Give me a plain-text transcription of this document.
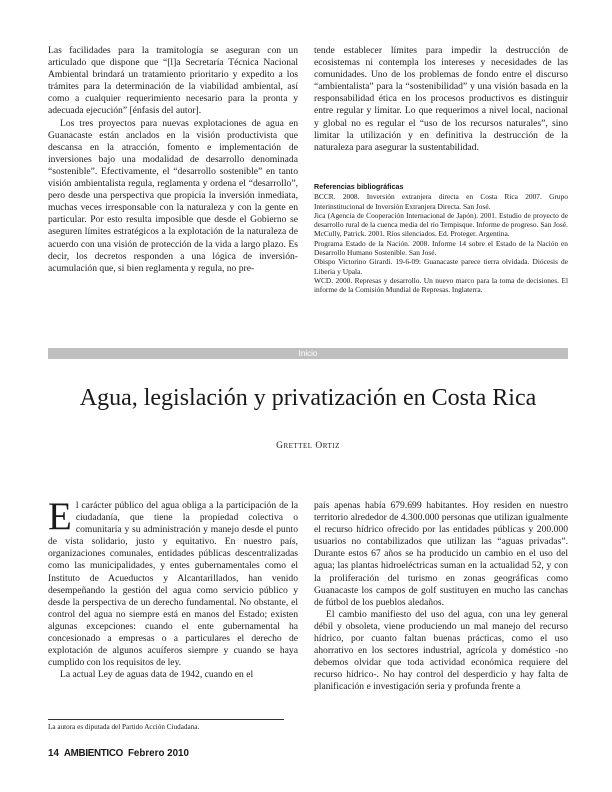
Las facilidades para la tramitología se aseguran con un articulado que dispone que “[l]a Secretaría Técnica Nacional Ambiental brindará un tratamiento prioritario y expedito a los trámites para la determinación de la viabilidad ambiental, así como a cualquier requerimiento necesario para la pronta y adecuada ejecución” [énfasis del autor].

Los tres proyectos para nuevas explotaciones de agua en Guanacaste están anclados en la visión productivista que descansa en la atracción, fomento e implementación de inversiones bajo una modalidad de desarrollo denominada “sostenible”. Efectivamente, el “desarrollo sostenible” en tanto visión ambientalista regula, reglamenta y ordena el “desarrollo”, pero desde una perspectiva que propicia la inversión inmediata, muchas veces irresponsable con la naturaleza y con la gente en particular. Por esto resulta imposible que desde el Gobierno se aseguren límites estratégicos a la explotación de la naturaleza de acuerdo con una visión de protección de la vida a largo plazo. Es decir, los decretos responden a una lógica de inversión-acumulación que, si bien reglamenta y regula, no pre-

tende establecer límites para impedir la destrucción de ecosistemas ni contempla los intereses y necesidades de las comunidades. Uno de los problemas de fondo entre el discurso “ambientalista” para la “sostenibilidad” y una visión basada en la responsabilidad ética en los procesos productivos es distinguir entre regular y limitar. Lo que requerimos a nivel local, nacional y global no es regular el “uso de los recursos naturales”, sino limitar la utilización y en definitiva la destrucción de la naturaleza para asegurar la sustentabilidad.

Referencias bibliográficas

BCCR. 2008. Inversión extranjera directa en Costa Rica 2007. Grupo Interinstitucional de Inversión Extranjera Directa. San José.

Jica (Agencia de Cooperación Internacional de Japón). 2001. Estudio de proyecto de desarrollo rural de la cuenca media del río Tempisque. Informe de progreso. San José.

McCully, Patrick. 2001. Ríos silenciados. Ed. Proteger. Argentina.

Programa Estado de la Nación. 2008. Informe 14 sobre el Estado de la Nación en Desarrollo Humano Sostenible. San José.

Obispo Victorino Girardi. 19-6-09: Guanacaste parece tierra olvidada. Diócesis de Liberia y Upala.

WCD. 2000. Represas y desarrollo. Un nuevo marco para la toma de decisiones. El informe de la Comisión Mundial de Represas. Inglaterra.

Inicio
Agua, legislación y privatización en Costa Rica
Grettel Ortiz

El carácter público del agua obliga a la participación de la ciudadanía, que tiene la propiedad colectiva o comunitaria y su administración y manejo desde el punto de vista solidario, justo y equitativo. En nuestro país, organizaciones comunales, entidades públicas descentralizadas como las municipalidades, y entes gubernamentales como el Instituto de Acueductos y Alcantarillados, han venido desempeñando la gestión del agua como servicio público y desde la perspectiva de un derecho fundamental. No obstante, el control del agua no siempre está en manos del Estado; existen algunas excepciones: cuando el ente gubernamental ha concesionado a empresas o a particulares el derecho de explotación de algunos acuíferos siempre y cuando se haya cumplido con los requisitos de ley.

La actual Ley de aguas data de 1942, cuando en el

país apenas había 679.699 habitantes. Hoy residen en nuestro territorio alrededor de 4.300.000 personas que utilizan igualmente el recurso hídrico ofrecido por las entidades públicas y 200.000 usuarios no contabilizados que utilizan las “aguas privadas”. Durante estos 67 años se ha producido un cambio en el uso del agua; las plantas hidroeléctricas suman en la actualidad 52, y con la proliferación del turismo en zonas geográficas como Guanacaste los campos de golf sustituyen en mucho las canchas de fútbol de los pueblos aledaños.

El cambio manifiesto del uso del agua, con una ley general débil y obsoleta, viene produciendo un mal manejo del recurso hídrico, por cuanto faltan buenas prácticas, como el uso ahorrativo en los sectores industrial, agrícola y doméstico -no debemos olvidar que toda actividad económica requiere del recurso hídrico-. No hay control del desperdicio y hay falta de planificación e investigación seria y profunda frente a

La autora es diputada del Partido Acción Ciudadana.
14 AMBIENTICO Febrero 2010
